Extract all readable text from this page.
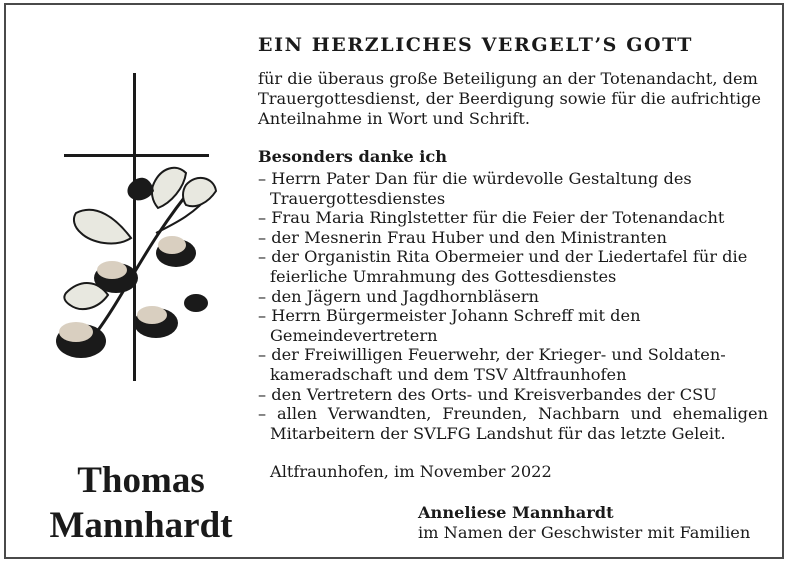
Thomas
Mannhardt
EIN HERZLICHES VERGELT’S GOTT
für die überaus große Beteiligung an der Totenandacht, dem Trauergottesdienst, der Beerdigung sowie für die aufrichtige Anteilnahme in Wort und Schrift.
Besonders danke ich
– Herrn Pater Dan für die würdevolle Gestaltung des Trauergottesdienstes
– Frau Maria Ringlstetter für die Feier der Totenandacht
– der Mesnerin Frau Huber und den Ministranten
– der Organistin Rita Obermeier und der Liedertafel für die feierliche Umrahmung des Gottesdienstes
– den Jägern und Jagdhornbläsern
– Herrn Bürgermeister Johann Schreff mit den Gemeindevertretern
– der Freiwilligen Feuerwehr, der Krieger- und Soldaten- kameradschaft und dem TSV Altfraunhofen
– den Vertretern des Orts- und Kreisverbandes der CSU
– allen Verwandten, Freunden, Nachbarn und ehemaligen Mitarbeitern der SVLFG Landshut für das letzte Geleit.
Altfraunhofen, im November 2022
Anneliese Mannhardt
im Namen der Geschwister mit Familien
